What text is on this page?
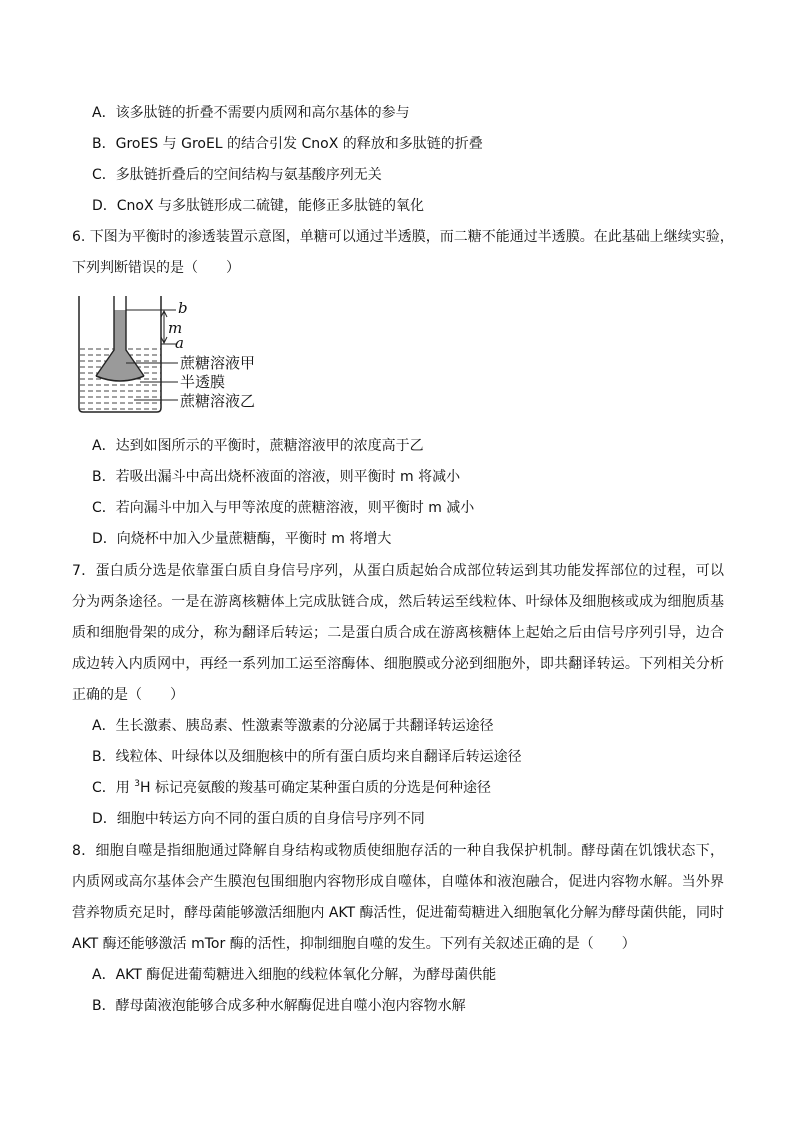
A．该多肽链的折叠不需要内质网和高尔基体的参与
B．GroES 与 GroEL 的结合引发 CnoX 的释放和多肽链的折叠
C．多肽链折叠后的空间结构与氨基酸序列无关
D．CnoX 与多肽链形成二硫键，能修正多肽链的氧化
6. 下图为平衡时的渗透装置示意图，单糖可以通过半透膜，而二糖不能通过半透膜。在此基础上继续实验，
下列判断错误的是（　　）
b
m
a
蔗糖溶液甲
半透膜
蔗糖溶液乙
A．达到如图所示的平衡时，蔗糖溶液甲的浓度高于乙
B．若吸出漏斗中高出烧杯液面的溶液，则平衡时 m 将减小
C．若向漏斗中加入与甲等浓度的蔗糖溶液，则平衡时 m 减小
D．向烧杯中加入少量蔗糖酶，平衡时 m 将增大
7．蛋白质分选是依靠蛋白质自身信号序列，从蛋白质起始合成部位转运到其功能发挥部位的过程，可以分为两条途径。一是在游离核糖体上完成肽链合成，然后转运至线粒体、叶绿体及细胞核或成为细胞质基质和细胞骨架的成分，称为翻译后转运；二是蛋白质合成在游离核糖体上起始之后由信号序列引导，边合成边转入内质网中，再经一系列加工运至溶酶体、细胞膜或分泌到细胞外，即共翻译转运。下列相关分析正确的是（　　）
A．生长激素、胰岛素、性激素等激素的分泌属于共翻译转运途径
B．线粒体、叶绿体以及细胞核中的所有蛋白质均来自翻译后转运途径
C．用 $^3$H 标记亮氨酸的羧基可确定某种蛋白质的分选是何种途径
D．细胞中转运方向不同的蛋白质的自身信号序列不同
8．细胞自噬是指细胞通过降解自身结构或物质使细胞存活的一种自我保护机制。酵母菌在饥饿状态下，内质网或高尔基体会产生膜泡包围细胞内容物形成自噬体，自噬体和液泡融合，促进内容物水解。当外界营养物质充足时，酵母菌能够激活细胞内 AKT 酶活性，促进葡萄糖进入细胞氧化分解为酵母菌供能，同时 AKT 酶还能够激活 mTor 酶的活性，抑制细胞自噬的发生。下列有关叙述正确的是（　　）
A．AKT 酶促进葡萄糖进入细胞的线粒体氧化分解，为酵母菌供能
B．酵母菌液泡能够合成多种水解酶促进自噬小泡内容物水解
